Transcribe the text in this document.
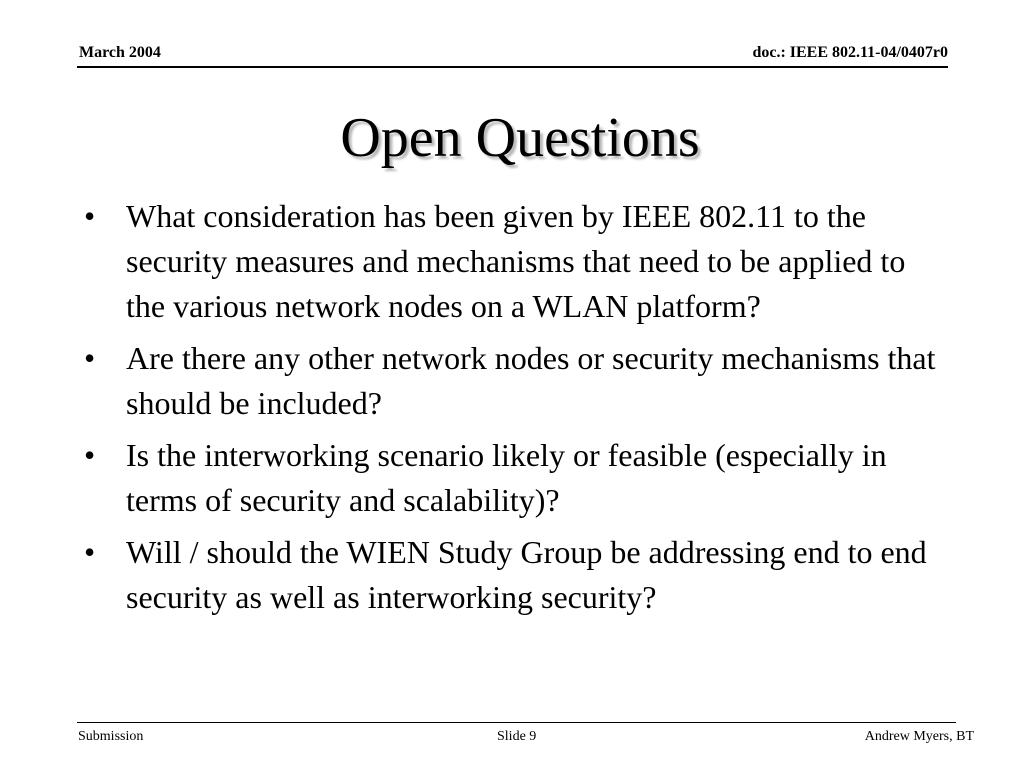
March 2004	doc.: IEEE 802.11-04/0407r0
Open Questions
• What consideration has been given by IEEE 802.11 to the security measures and mechanisms that need to be applied to the various network nodes on a WLAN platform?
• Are there any other network nodes or security mechanisms that should be included?
• Is the interworking scenario likely or feasible (especially in terms of security and scalability)?
• Will / should the WIEN Study Group be addressing end to end security as well as interworking security?
Submission	Slide 9	Andrew Myers, BT
